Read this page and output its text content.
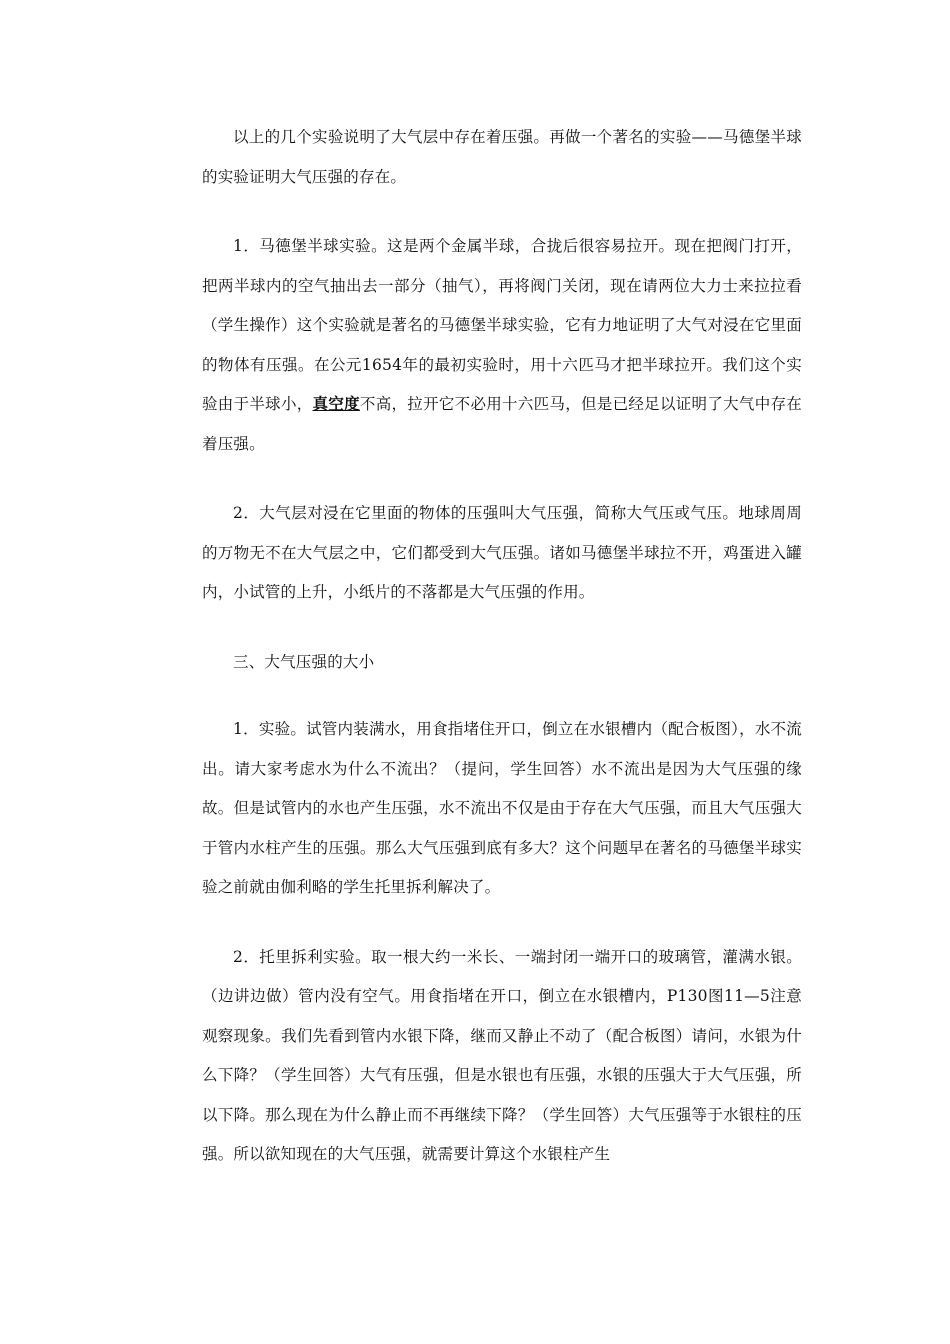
以上的几个实验说明了大气层中存在着压强。再做一个著名的实验——马德堡半球的实验证明大气压强的存在。

1．马德堡半球实验。这是两个金属半球，合拢后很容易拉开。现在把阀门打开，把两半球内的空气抽出去一部分（抽气），再将阀门关闭，现在请两位大力士来拉拉看（学生操作）这个实验就是著名的马德堡半球实验，它有力地证明了大气对浸在它里面的物体有压强。在公元1654年的最初实验时，用十六匹马才把半球拉开。我们这个实验由于半球小，真空度不高，拉开它不必用十六匹马，但是已经足以证明了大气中存在着压强。

2．大气层对浸在它里面的物体的压强叫大气压强，简称大气压或气压。地球周周的万物无不在大气层之中，它们都受到大气压强。诸如马德堡半球拉不开，鸡蛋进入罐内，小试管的上升，小纸片的不落都是大气压强的作用。

三、大气压强的大小

1．实验。试管内装满水，用食指堵住开口，倒立在水银槽内（配合板图），水不流出。请大家考虑水为什么不流出？（提问，学生回答）水不流出是因为大气压强的缘故。但是试管内的水也产生压强，水不流出不仅是由于存在大气压强，而且大气压强大于管内水柱产生的压强。那么大气压强到底有多大？这个问题早在著名的马德堡半球实验之前就由伽利略的学生托里拆利解决了。

2．托里拆利实验。取一根大约一米长、一端封闭一端开口的玻璃管，灌满水银。（边讲边做）管内没有空气。用食指堵在开口，倒立在水银槽内，P130图11—5注意观察现象。我们先看到管内水银下降，继而又静止不动了（配合板图）请问，水银为什么下降？（学生回答）大气有压强，但是水银也有压强，水银的压强大于大气压强，所以下降。那么现在为什么静止而不再继续下降？（学生回答）大气压强等于水银柱的压强。所以欲知现在的大气压强，就需要计算这个水银柱产生
